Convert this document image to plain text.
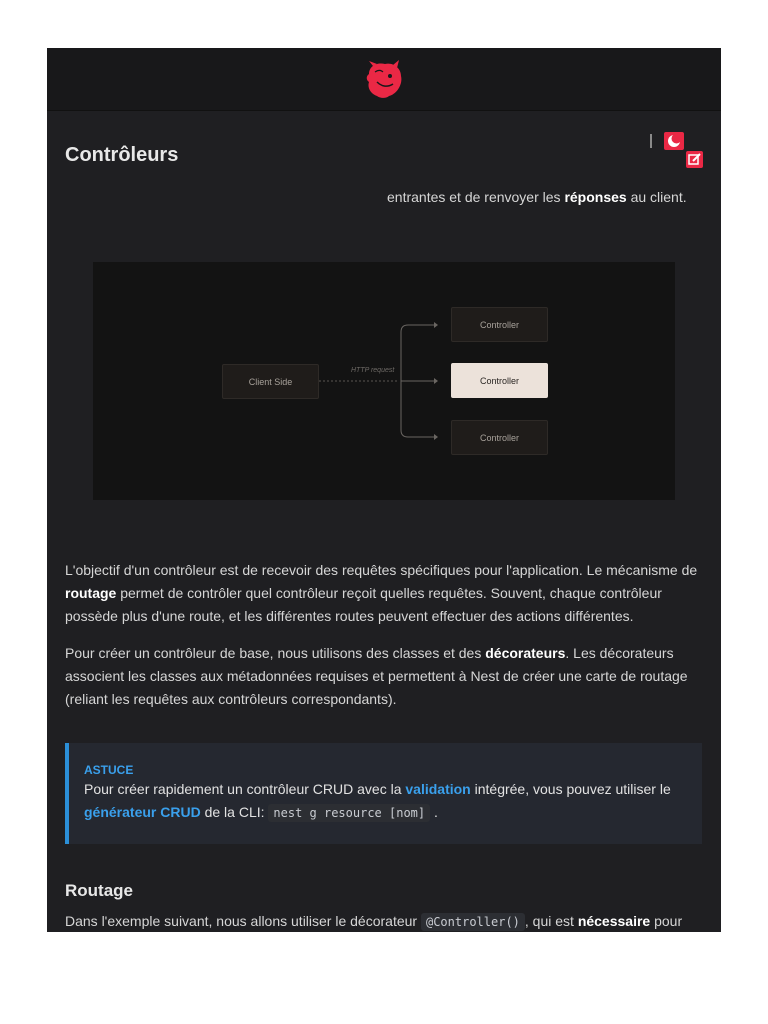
Contrôleurs

entrantes et de renvoyer les réponses au client.

Client Side
HTTP request
Controller
Controller
Controller

L'objectif d'un contrôleur est de recevoir des requêtes spécifiques pour l'application. Le mécanisme de routage permet de contrôler quel contrôleur reçoit quelles requêtes. Souvent, chaque contrôleur possède plus d'une route, et les différentes routes peuvent effectuer des actions différentes.

Pour créer un contrôleur de base, nous utilisons des classes et des décorateurs. Les décorateurs associent les classes aux métadonnées requises et permettent à Nest de créer une carte de routage (reliant les requêtes aux contrôleurs correspondants).

ASTUCE

Pour créer rapidement un contrôleur CRUD avec la validation intégrée, vous pouvez utiliser le générateur CRUD de la CLI: nest g resource [nom] .

Routage

Dans l'exemple suivant, nous allons utiliser le décorateur @Controller() , qui est nécessaire pour
